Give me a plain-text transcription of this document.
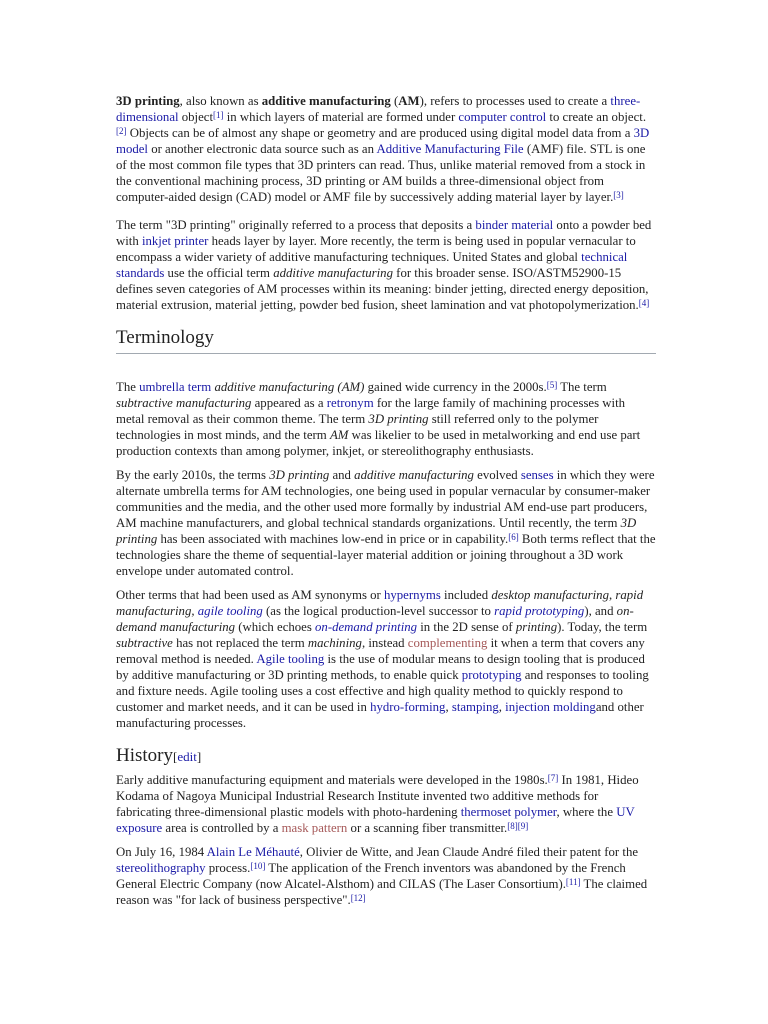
3D printing, also known as additive manufacturing (AM), refers to processes used to create a three-dimensional object[1] in which layers of material are formed under computer control to create an object.[2] Objects can be of almost any shape or geometry and are produced using digital model data from a 3D model or another electronic data source such as an Additive Manufacturing File (AMF) file. STL is one of the most common file types that 3D printers can read. Thus, unlike material removed from a stock in the conventional machining process, 3D printing or AM builds a three-dimensional object from computer-aided design (CAD) model or AMF file by successively adding material layer by layer.[3]

The term "3D printing" originally referred to a process that deposits a binder material onto a powder bed with inkjet printer heads layer by layer. More recently, the term is being used in popular vernacular to encompass a wider variety of additive manufacturing techniques. United States and global technical standards use the official term additive manufacturing for this broader sense. ISO/ASTM52900-15 defines seven categories of AM processes within its meaning: binder jetting, directed energy deposition, material extrusion, material jetting, powder bed fusion, sheet lamination and vat photopolymerization.[4]

Terminology

The umbrella term additive manufacturing (AM) gained wide currency in the 2000s.[5] The term subtractive manufacturing appeared as a retronym for the large family of machining processes with metal removal as their common theme. The term 3D printing still referred only to the polymer technologies in most minds, and the term AM was likelier to be used in metalworking and end use part production contexts than among polymer, inkjet, or stereolithography enthusiasts.

By the early 2010s, the terms 3D printing and additive manufacturing evolved senses in which they were alternate umbrella terms for AM technologies, one being used in popular vernacular by consumer-maker communities and the media, and the other used more formally by industrial AM end-use part producers, AM machine manufacturers, and global technical standards organizations. Until recently, the term 3D printing has been associated with machines low-end in price or in capability.[6] Both terms reflect that the technologies share the theme of sequential-layer material addition or joining throughout a 3D work envelope under automated control.

Other terms that had been used as AM synonyms or hypernyms included desktop manufacturing, rapid manufacturing, agile tooling (as the logical production-level successor to rapid prototyping), and on-demand manufacturing (which echoes on-demand printing in the 2D sense of printing). Today, the term subtractive has not replaced the term machining, instead complementing it when a term that covers any removal method is needed. Agile tooling is the use of modular means to design tooling that is produced by additive manufacturing or 3D printing methods, to enable quick prototyping and responses to tooling and fixture needs. Agile tooling uses a cost effective and high quality method to quickly respond to customer and market needs, and it can be used in hydro-forming, stamping, injection moldingand other manufacturing processes.

History[edit]

Early additive manufacturing equipment and materials were developed in the 1980s.[7] In 1981, Hideo Kodama of Nagoya Municipal Industrial Research Institute invented two additive methods for fabricating three-dimensional plastic models with photo-hardening thermoset polymer, where the UV exposure area is controlled by a mask pattern or a scanning fiber transmitter.[8][9]

On July 16, 1984 Alain Le Méhauté, Olivier de Witte, and Jean Claude André filed their patent for the stereolithography process.[10] The application of the French inventors was abandoned by the French General Electric Company (now Alcatel-Alsthom) and CILAS (The Laser Consortium).[11] The claimed reason was "for lack of business perspective".[12]
